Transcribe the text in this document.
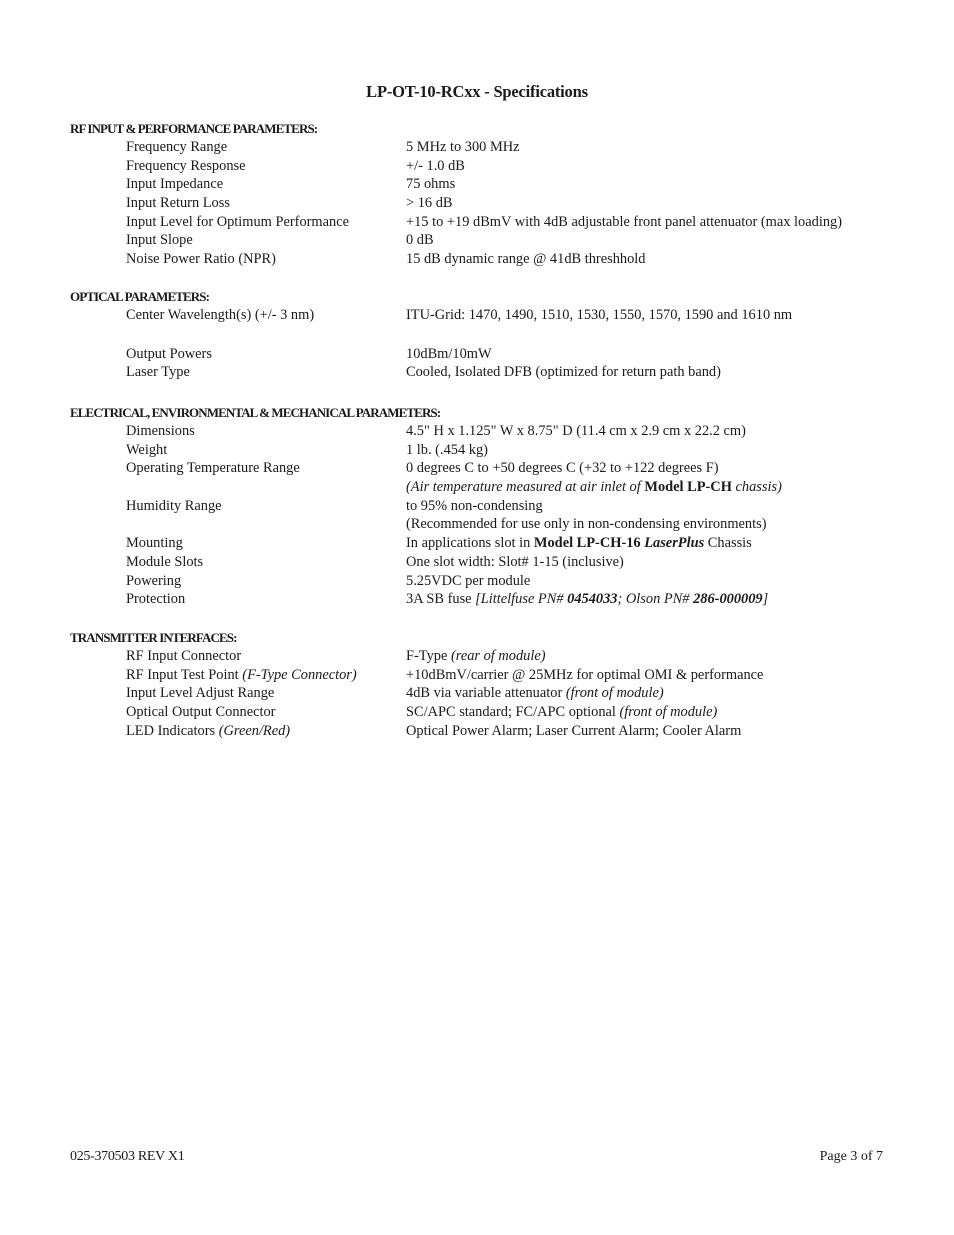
LP-OT-10-RCxx - Specifications
RF INPUT & PERFORMANCE PARAMETERS:
Frequency Range	5 MHz to 300 MHz
Frequency Response	+/- 1.0 dB
Input Impedance	75 ohms
Input Return Loss	> 16 dB
Input Level for Optimum Performance	+15 to +19 dBmV with 4dB adjustable front panel attenuator (max loading)
Input Slope	0 dB
Noise Power Ratio (NPR)	15 dB dynamic range @ 41dB threshhold
OPTICAL PARAMETERS:
Center Wavelength(s) (+/- 3 nm)	ITU-Grid: 1470, 1490, 1510, 1530, 1550, 1570, 1590 and 1610 nm
Output Powers	10dBm/10mW
Laser Type	Cooled, Isolated DFB (optimized for return path band)
ELECTRICAL, ENVIRONMENTAL & MECHANICAL PARAMETERS:
Dimensions	4.5" H x 1.125" W x 8.75" D (11.4 cm x 2.9 cm x 22.2 cm)
Weight	1 lb. (.454 kg)
Operating Temperature Range	0 degrees C to +50 degrees C (+32 to +122 degrees F)
(Air temperature measured at air inlet of Model LP-CH chassis)
Humidity Range	to 95% non-condensing
(Recommended for use only in non-condensing environments)
Mounting	In applications slot in Model LP-CH-16 LaserPlus Chassis
Module Slots	One slot width: Slot# 1-15 (inclusive)
Powering	5.25VDC per module
Protection	3A SB fuse [Littelfuse PN# 0454033; Olson PN# 286-000009]
TRANSMITTER INTERFACES:
RF Input Connector	F-Type (rear of module)
RF Input Test Point (F-Type Connector)	+10dBmV/carrier @ 25MHz for optimal OMI & performance
Input Level Adjust Range	4dB via variable attenuator (front of module)
Optical Output Connector	SC/APC standard; FC/APC optional (front of module)
LED Indicators (Green/Red)	Optical Power Alarm; Laser Current Alarm; Cooler Alarm
025-370503 REV X1	Page 3 of 7
